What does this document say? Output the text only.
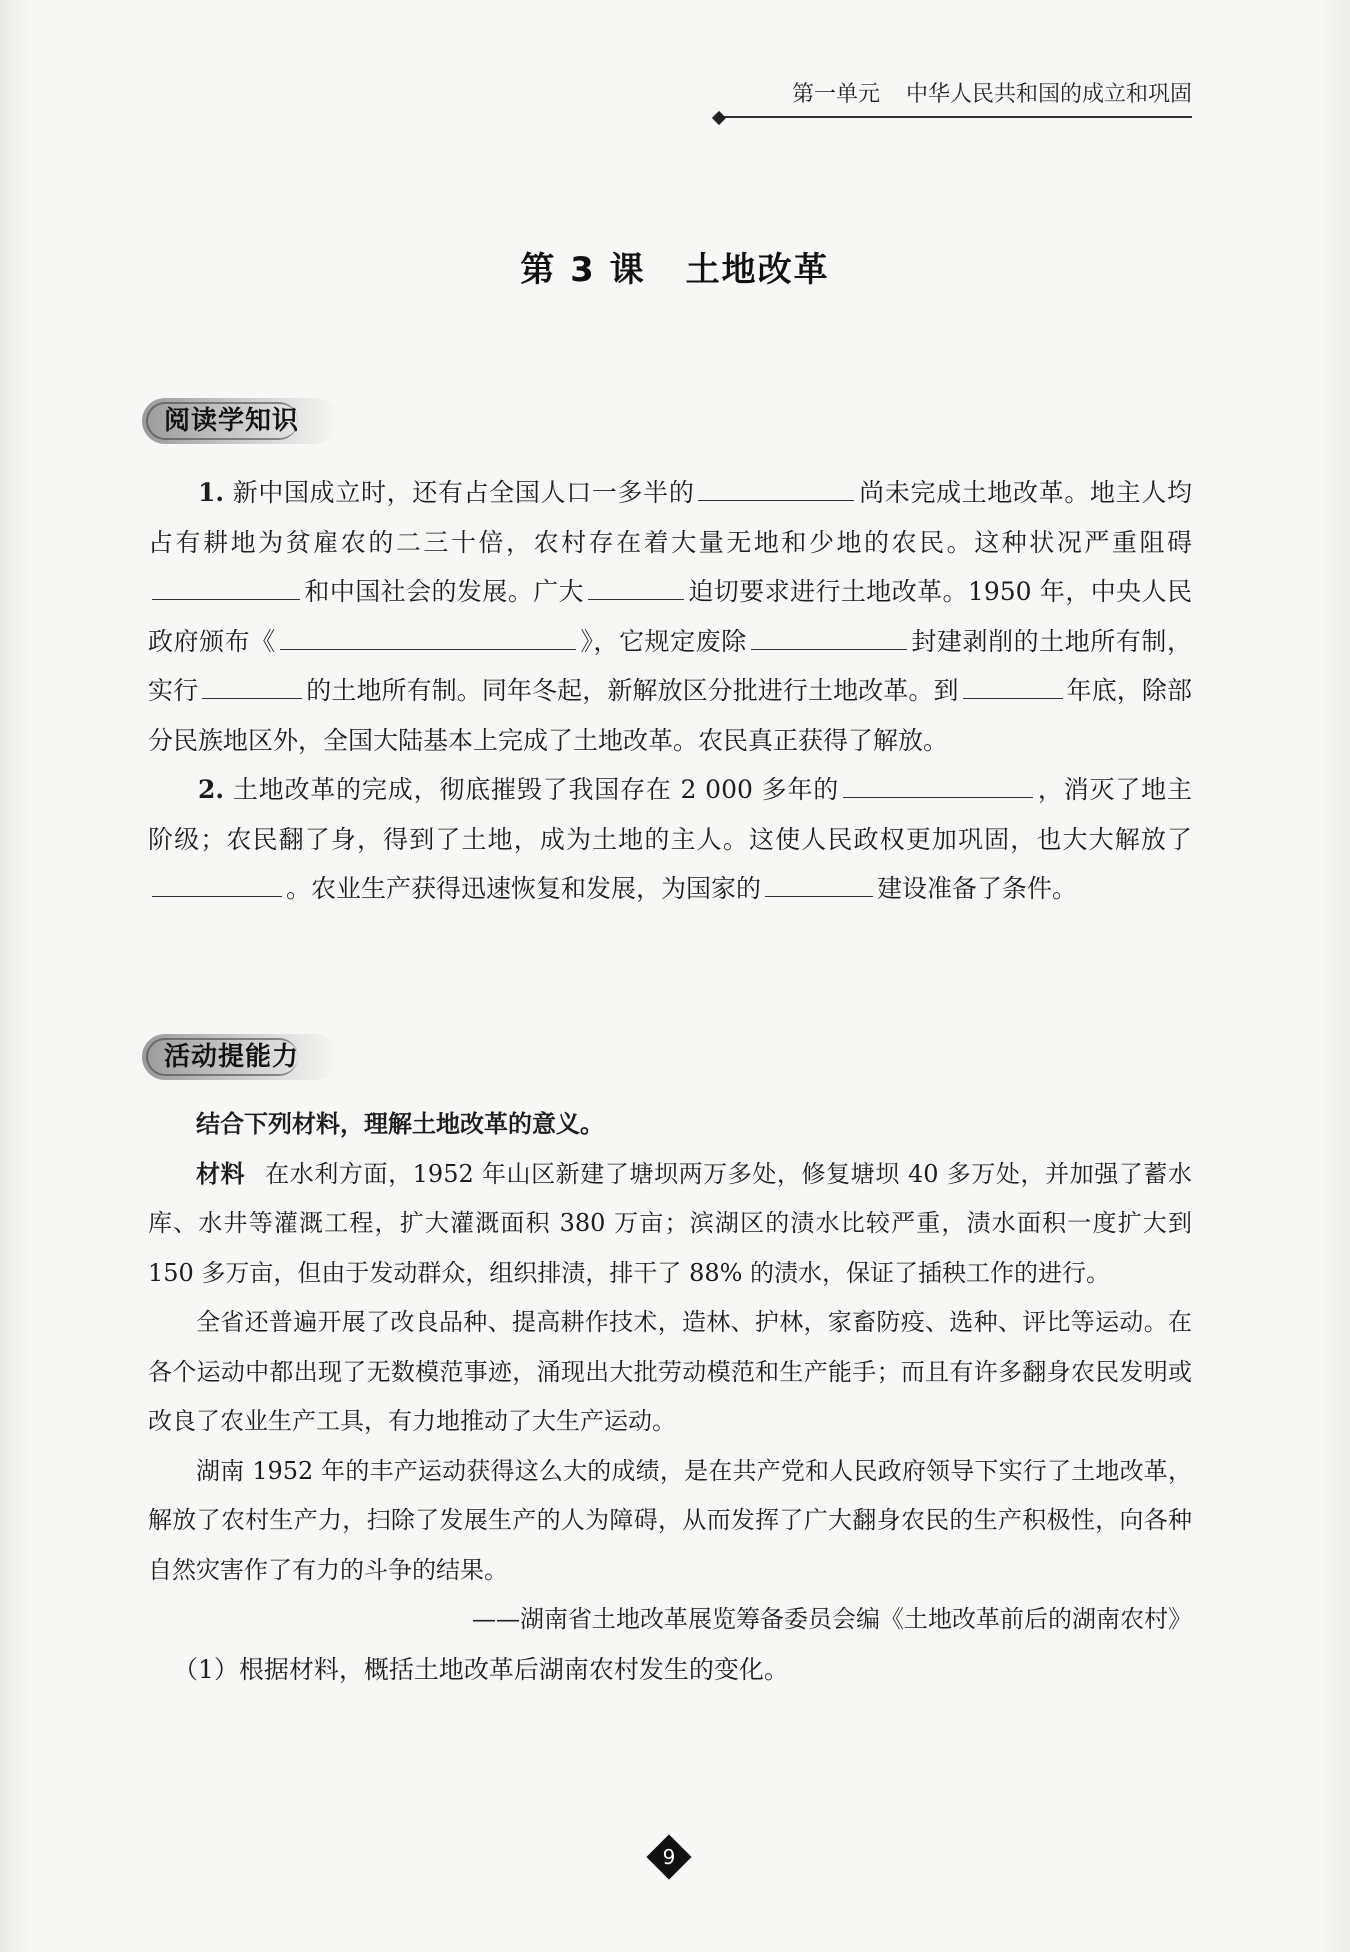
第一单元 中华人民共和国的成立和巩固
第 3 课 土地改革
阅读学知识

1. 新中国成立时，还有占全国人口一多半的	尚未完成土地改革。地主人均占有耕地为贫雇农的二三十倍，农村存在着大量无地和少地的农民。这种状况严重阻碍和中国社会的发展。广大	迫切要求进行土地改革。1950 年，中央人民政府颁布《	》，它规定废除	封建剥削的土地所有制，实行	的土地所有制。同年冬起，新解放区分批进行土地改革。到	年底，除部分民族地区外，全国大陆基本上完成了土地改革。农民真正获得了解放。

2. 土地改革的完成，彻底摧毁了我国存在 2 000 多年的	，消灭了地主阶级；农民翻了身，得到了土地，成为土地的主人。这使人民政权更加巩固，也大大解放了。农业生产获得迅速恢复和发展，为国家的	建设准备了条件。

活动提能力

结合下列材料，理解土地改革的意义。

材料 在水利方面，1952 年山区新建了塘坝两万多处，修复塘坝 40 多万处，并加强了蓄水库、水井等灌溉工程，扩大灌溉面积 380 万亩；滨湖区的渍水比较严重，渍水面积一度扩大到 150 多万亩，但由于发动群众，组织排渍，排干了 88% 的渍水，保证了插秧工作的进行。

全省还普遍开展了改良品种、提高耕作技术，造林、护林，家畜防疫、选种、评比等运动。在各个运动中都出现了无数模范事迹，涌现出大批劳动模范和生产能手；而且有许多翻身农民发明或改良了农业生产工具，有力地推动了大生产运动。

湖南 1952 年的丰产运动获得这么大的成绩，是在共产党和人民政府领导下实行了土地改革，解放了农村生产力，扫除了发展生产的人为障碍，从而发挥了广大翻身农民的生产积极性，向各种自然灾害作了有力的斗争的结果。

——湖南省土地改革展览筹备委员会编《土地改革前后的湖南农村》

（1）根据材料，概括土地改革后湖南农村发生的变化。

9
